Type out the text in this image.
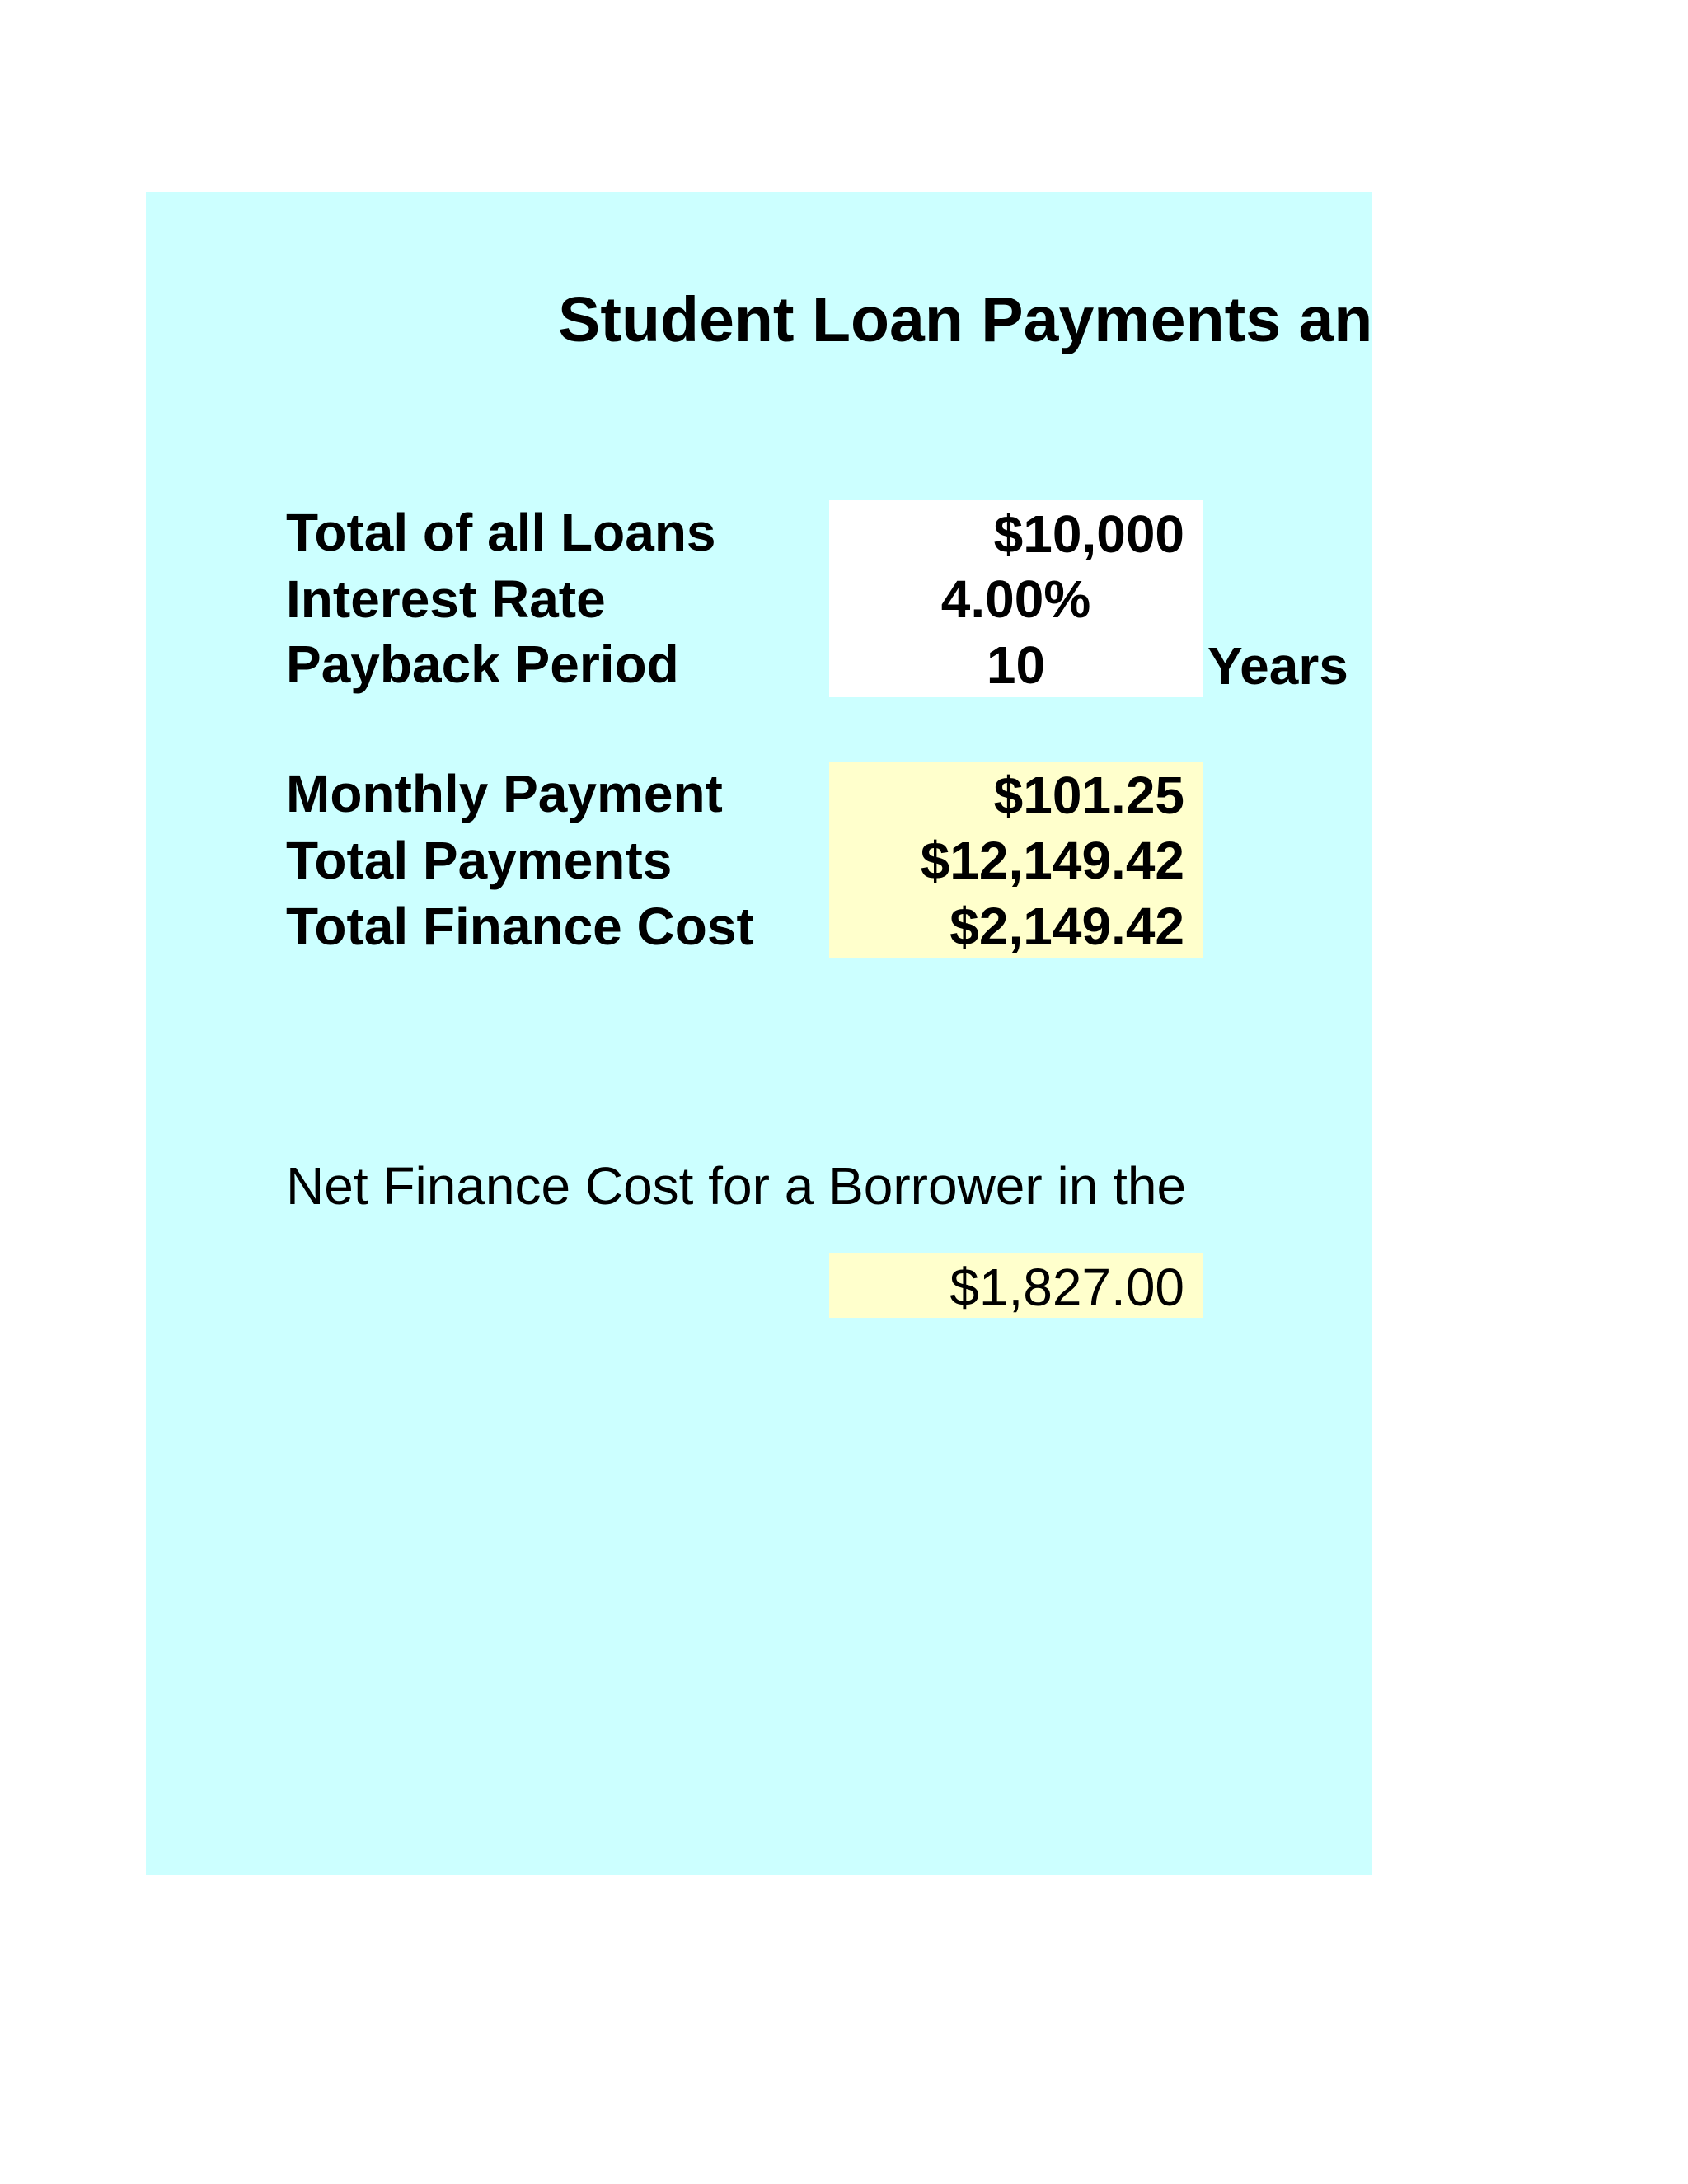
Student Loan Payments an
Total of all Loans
Interest Rate
Payback Period
$10,000
4.00%
10	Years
Monthly Payment
Total Payments
Total Finance Cost
$101.25
$12,149.42
$2,149.42
Net Finance Cost for a Borrower in the
$1,827.00
